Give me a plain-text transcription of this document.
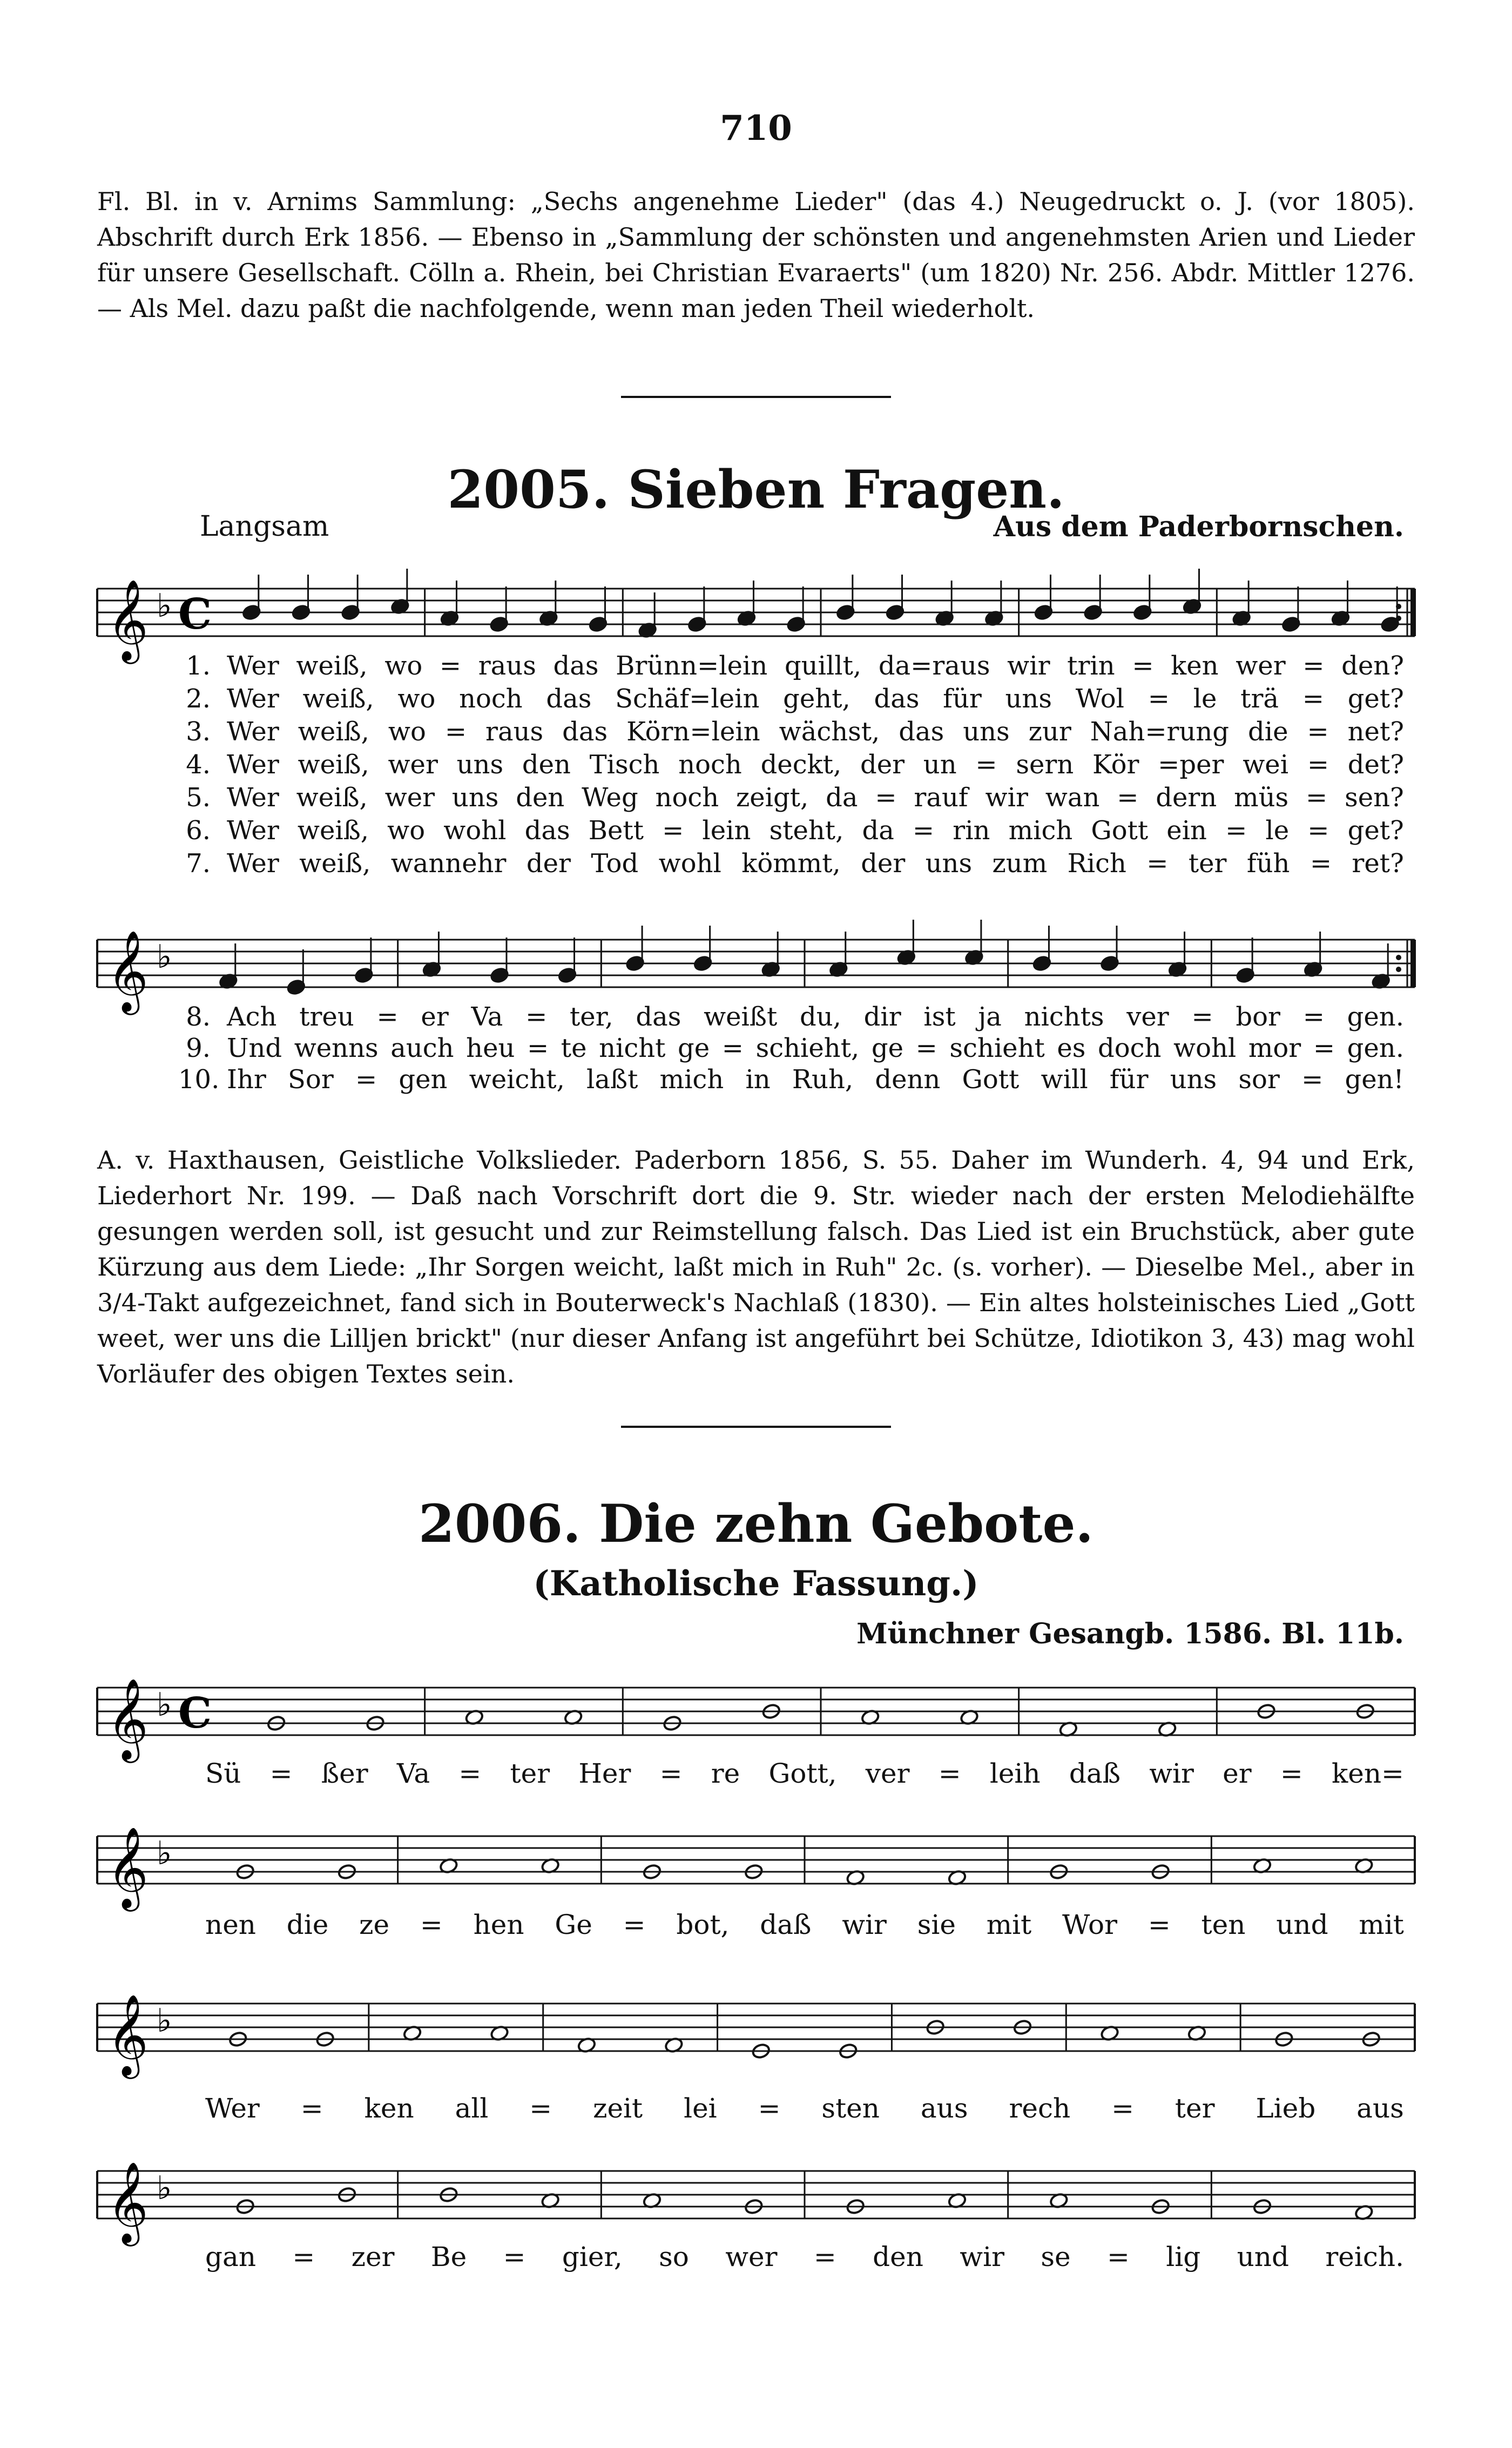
710
Fl. Bl. in v. Arnims Sammlung: „Sechs angenehme Lieder" (das 4.) Neugedruckt o. J. (vor 1805). Abschrift durch Erk 1856. — Ebenso in „Sammlung der schönsten und angenehmsten Arien und Lieder für unsere Gesellschaft. Cölln a. Rhein, bei Christian Evaraerts" (um 1820) Nr. 256. Abdr. Mittler 1276. — Als Mel. dazu paßt die nachfolgende, wenn man jeden Theil wiederholt.
2005. Sieben Fragen.
Langsam	Aus dem Paderbornschen.
𝄞 ♭ C
1. Wer weiß, wo = raus das Brünn=lein quillt, da=raus wir trin = ken wer = den?
2. Wer weiß, wo noch das Schäf=lein geht, das für uns Wol = le trä = get?
3. Wer weiß, wo = raus das Körn=lein wächst, das uns zur Nah=rung die = net?
4. Wer weiß, wer uns den Tisch noch deckt, der un = sern Kör =per wei = det?
5. Wer weiß, wer uns den Weg noch zeigt, da = rauf wir wan = dern müs = sen?
6. Wer weiß, wo wohl das Bett = lein steht, da = rin mich Gott ein = le = get?
7. Wer weiß, wannehr der Tod wohl kömmt, der uns zum Rich = ter füh = ret?
𝄞 ♭
8. Ach treu = er Va = ter, das weißt du, dir ist ja nichts ver = bor = gen.
9. Und wenns auch heu = te nicht ge = schieht, ge = schieht es doch wohl mor = gen.
10. Ihr Sor = gen weicht, laßt mich in Ruh, denn Gott will für uns sor = gen!
A. v. Haxthausen, Geistliche Volkslieder. Paderborn 1856, S. 55. Daher im Wunderh. 4, 94 und Erk, Liederhort Nr. 199. — Daß nach Vorschrift dort die 9. Str. wieder nach der ersten Melodiehälfte gesungen werden soll, ist gesucht und zur Reimstellung falsch. Das Lied ist ein Bruchstück, aber gute Kürzung aus dem Liede: „Ihr Sorgen weicht, laßt mich in Ruh" 2c. (s. vorher). — Dieselbe Mel., aber in 3/4-Takt aufgezeichnet, fand sich in Bouterweck's Nachlaß (1830). — Ein altes holsteinisches Lied „Gott weet, wer uns die Lilljen brickt" (nur dieser Anfang ist angeführt bei Schütze, Idiotikon 3, 43) mag wohl Vorläufer des obigen Textes sein.
2006. Die zehn Gebote.
(Katholische Fassung.)
Münchner Gesangb. 1586. Bl. 11b.
𝄞 ♭ C
Sü = ßer Va = ter Her = re Gott, ver = leih daß wir er = ken=
𝄞 ♭
nen die ze = hen Ge = bot, daß wir sie mit Wor = ten und mit
𝄞 ♭
Wer = ken all = zeit lei = sten aus rech = ter Lieb aus
𝄞 ♭
gan = zer Be = gier, so wer = den wir se = lig und reich.
